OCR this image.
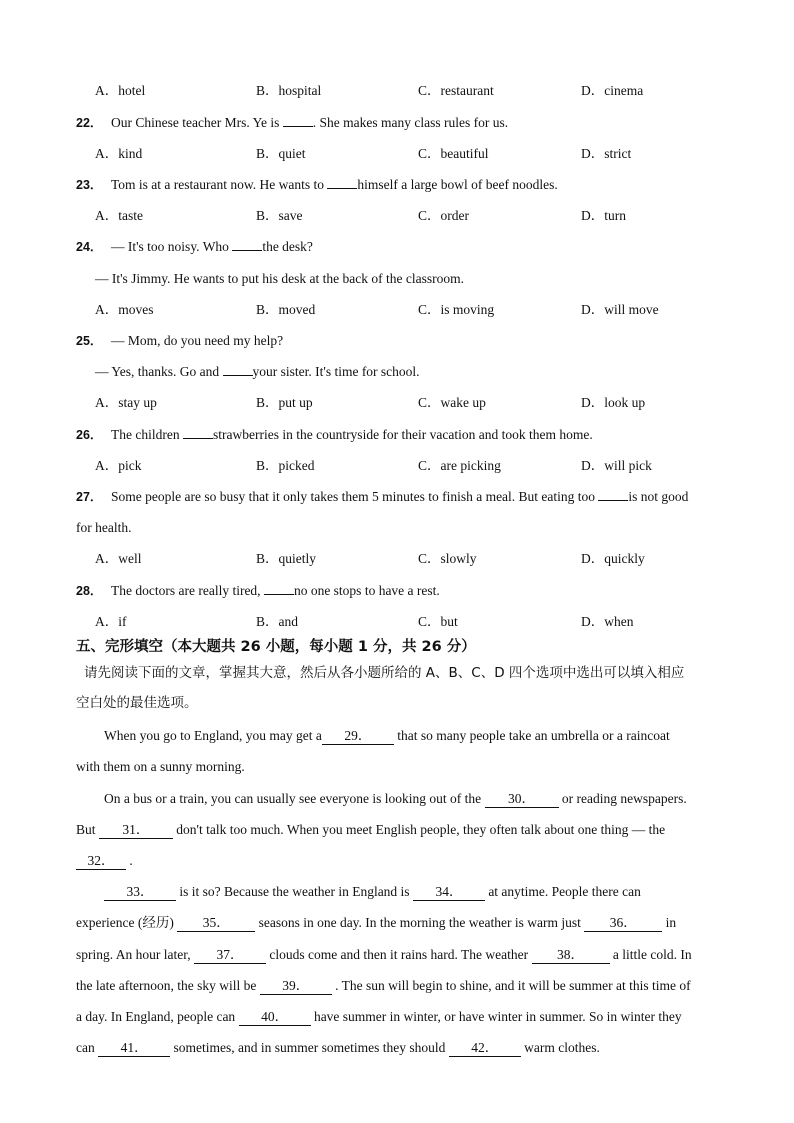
A．hotel	B．hospital	C．restaurant	D．cinema
22． Our Chinese teacher Mrs. Ye is . She makes many class rules for us.
A．kind	B．quiet	C．beautiful	D．strict
23． Tom is at a restaurant now. He wants to himself a large bowl of beef noodles.
A．taste	B．save	C．order	D．turn
24． — It's too noisy. Who the desk?
— It's Jimmy. He wants to put his desk at the back of the classroom.
A．moves	B．moved	C．is moving	D．will move
25． — Mom, do you need my help?
— Yes, thanks. Go and your sister. It's time for school.
A．stay up	B．put up	C．wake up	D．look up
26． The children strawberries in the countryside for their vacation and took them home.
A．pick	B．picked	C．are picking	D．will pick
27． Some people are so busy that it only takes them 5 minutes to finish a meal. But eating too is not good
for health.
A．well	B．quietly	C．slowly	D．quickly
28． The doctors are really tired, no one stops to have a rest.
A．if	B．and	C．but	D．when
五、完形填空（本大题共 26 小题，每小题 1 分，共 26 分）
请先阅读下面的文章，掌握其大意，然后从各小题所给的 A、B、C、D 四个选项中选出可以填入相应
空白处的最佳选项。
When you go to England, you may get a 29． that so many people take an umbrella or a raincoat
with them on a sunny morning.
On a bus or a train, you can usually see everyone is looking out of the 30． or reading newspapers.
But 31． don't talk too much. When you meet English people, they often talk about one thing — the
32． .
33． is it so? Because the weather in England is 34． at anytime. People there can
experience (经历) 35． seasons in one day. In the morning the weather is warm just 36． in
spring. An hour later, 37． clouds come and then it rains hard. The weather 38． a little cold. In
the late afternoon, the sky will be 39． . The sun will begin to shine, and it will be summer at this time of
a day. In England, people can 40． have summer in winter, or have winter in summer. So in winter they
can 41． sometimes, and in summer sometimes they should 42． warm clothes.
